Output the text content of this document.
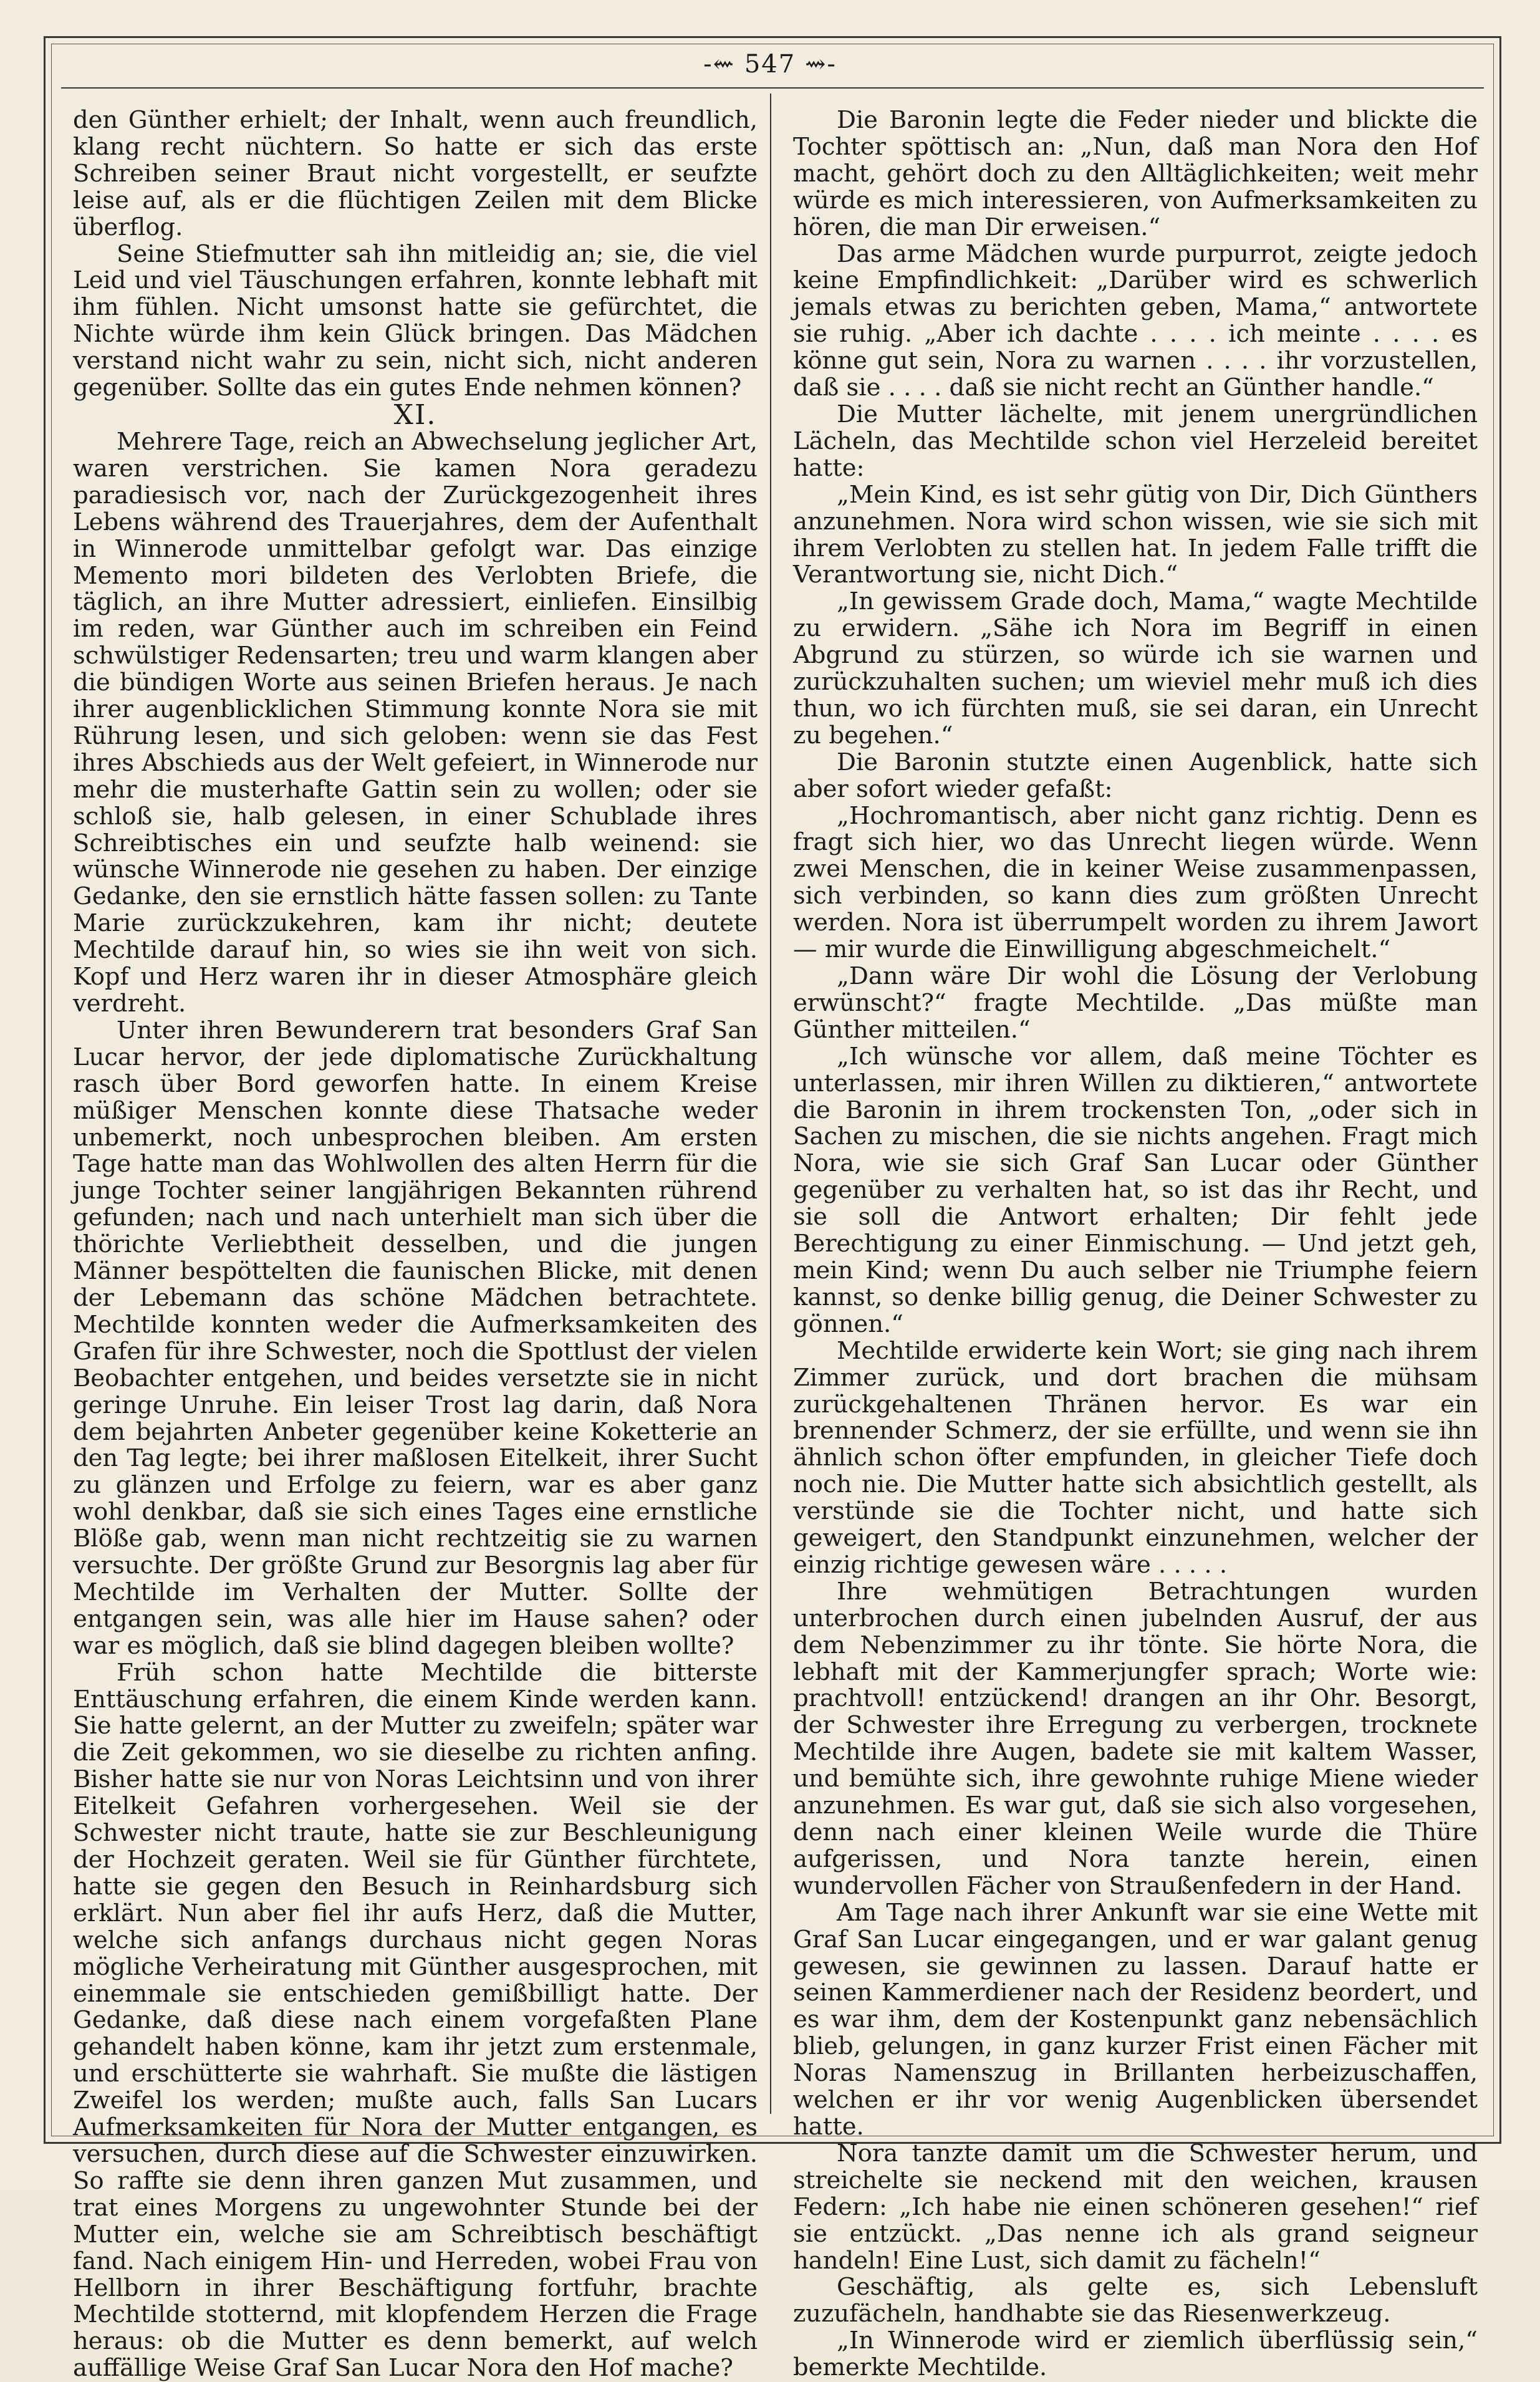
-⇜ 547 ⇝-

den Günther erhielt; der Inhalt, wenn auch freundlich, klang recht nüchtern. So hatte er sich das erste Schreiben seiner Braut nicht vorgestellt, er seufzte leise auf, als er die flüchtigen Zeilen mit dem Blicke überflog.

Seine Stiefmutter sah ihn mitleidig an; sie, die viel Leid und viel Täuschungen erfahren, konnte lebhaft mit ihm fühlen. Nicht umsonst hatte sie gefürchtet, die Nichte würde ihm kein Glück bringen. Das Mädchen verstand nicht wahr zu sein, nicht sich, nicht anderen gegenüber. Sollte das ein gutes Ende nehmen können?

XI.

Mehrere Tage, reich an Abwechselung jeglicher Art, waren verstrichen. Sie kamen Nora geradezu paradiesisch vor, nach der Zurückgezogenheit ihres Lebens während des Trauerjahres, dem der Aufenthalt in Winnerode unmittelbar gefolgt war. Das einzige Memento mori bildeten des Verlobten Briefe, die täglich, an ihre Mutter adressiert, einliefen. Einsilbig im reden, war Günther auch im schreiben ein Feind schwülstiger Redensarten; treu und warm klangen aber die bündigen Worte aus seinen Briefen heraus. Je nach ihrer augenblicklichen Stimmung konnte Nora sie mit Rührung lesen, und sich geloben: wenn sie das Fest ihres Abschieds aus der Welt gefeiert, in Winnerode nur mehr die musterhafte Gattin sein zu wollen; oder sie schloß sie, halb gelesen, in einer Schublade ihres Schreibtisches ein und seufzte halb weinend: sie wünsche Winnerode nie gesehen zu haben. Der einzige Gedanke, den sie ernstlich hätte fassen sollen: zu Tante Marie zurückzukehren, kam ihr nicht; deutete Mechtilde darauf hin, so wies sie ihn weit von sich. Kopf und Herz waren ihr in dieser Atmosphäre gleich verdreht.

Unter ihren Bewunderern trat besonders Graf San Lucar hervor, der jede diplomatische Zurückhaltung rasch über Bord geworfen hatte. In einem Kreise müßiger Menschen konnte diese Thatsache weder unbemerkt, noch unbesprochen bleiben. Am ersten Tage hatte man das Wohlwollen des alten Herrn für die junge Tochter seiner langjährigen Bekannten rührend gefunden; nach und nach unterhielt man sich über die thörichte Verliebtheit desselben, und die jungen Männer bespöttelten die faunischen Blicke, mit denen der Lebemann das schöne Mädchen betrachtete. Mechtilde konnten weder die Aufmerksamkeiten des Grafen für ihre Schwester, noch die Spottlust der vielen Beobachter entgehen, und beides versetzte sie in nicht geringe Unruhe. Ein leiser Trost lag darin, daß Nora dem bejahrten Anbeter gegenüber keine Koketterie an den Tag legte; bei ihrer maßlosen Eitelkeit, ihrer Sucht zu glänzen und Erfolge zu feiern, war es aber ganz wohl denkbar, daß sie sich eines Tages eine ernstliche Blöße gab, wenn man nicht rechtzeitig sie zu warnen versuchte. Der größte Grund zur Besorgnis lag aber für Mechtilde im Verhalten der Mutter. Sollte der entgangen sein, was alle hier im Hause sahen? oder war es möglich, daß sie blind dagegen bleiben wollte?

Früh schon hatte Mechtilde die bitterste Enttäuschung erfahren, die einem Kinde werden kann. Sie hatte gelernt, an der Mutter zu zweifeln; später war die Zeit gekommen, wo sie dieselbe zu richten anfing. Bisher hatte sie nur von Noras Leichtsinn und von ihrer Eitelkeit Gefahren vorhergesehen. Weil sie der Schwester nicht traute, hatte sie zur Beschleunigung der Hochzeit geraten. Weil sie für Günther fürchtete, hatte sie gegen den Besuch in Reinhardsburg sich erklärt. Nun aber fiel ihr aufs Herz, daß die Mutter, welche sich anfangs durchaus nicht gegen Noras mögliche Verheiratung mit Günther ausgesprochen, mit einemmale sie entschieden gemißbilligt hatte. Der Gedanke, daß diese nach einem vorgefaßten Plane gehandelt haben könne, kam ihr jetzt zum erstenmale, und erschütterte sie wahrhaft. Sie mußte die lästigen Zweifel los werden; mußte auch, falls San Lucars Aufmerksamkeiten für Nora der Mutter entgangen, es versuchen, durch diese auf die Schwester einzuwirken. So raffte sie denn ihren ganzen Mut zusammen, und trat eines Morgens zu ungewohnter Stunde bei der Mutter ein, welche sie am Schreibtisch beschäftigt fand. Nach einigem Hin- und Herreden, wobei Frau von Hellborn in ihrer Beschäftigung fortfuhr, brachte Mechtilde stotternd, mit klopfendem Herzen die Frage heraus: ob die Mutter es denn bemerkt, auf welch auffällige Weise Graf San Lucar Nora den Hof mache?

Die Baronin legte die Feder nieder und blickte die Tochter spöttisch an: „Nun, daß man Nora den Hof macht, gehört doch zu den Alltäglichkeiten; weit mehr würde es mich interessieren, von Aufmerksamkeiten zu hören, die man Dir erweisen.“

Das arme Mädchen wurde purpurrot, zeigte jedoch keine Empfindlichkeit: „Darüber wird es schwerlich jemals etwas zu berichten geben, Mama,“ antwortete sie ruhig. „Aber ich dachte . . . . ich meinte . . . . es könne gut sein, Nora zu warnen . . . . ihr vorzustellen, daß sie . . . . daß sie nicht recht an Günther handle.“

Die Mutter lächelte, mit jenem unergründlichen Lächeln, das Mechtilde schon viel Herzeleid bereitet hatte:

„Mein Kind, es ist sehr gütig von Dir, Dich Günthers anzunehmen. Nora wird schon wissen, wie sie sich mit ihrem Verlobten zu stellen hat. In jedem Falle trifft die Verantwortung sie, nicht Dich.“

„In gewissem Grade doch, Mama,“ wagte Mechtilde zu erwidern. „Sähe ich Nora im Begriff in einen Abgrund zu stürzen, so würde ich sie warnen und zurückzuhalten suchen; um wieviel mehr muß ich dies thun, wo ich fürchten muß, sie sei daran, ein Unrecht zu begehen.“

Die Baronin stutzte einen Augenblick, hatte sich aber sofort wieder gefaßt:

„Hochromantisch, aber nicht ganz richtig. Denn es fragt sich hier, wo das Unrecht liegen würde. Wenn zwei Menschen, die in keiner Weise zusammenpassen, sich verbinden, so kann dies zum größten Unrecht werden. Nora ist überrumpelt worden zu ihrem Jawort — mir wurde die Einwilligung abgeschmeichelt.“

„Dann wäre Dir wohl die Lösung der Verlobung erwünscht?“ fragte Mechtilde. „Das müßte man Günther mitteilen.“

„Ich wünsche vor allem, daß meine Töchter es unterlassen, mir ihren Willen zu diktieren,“ antwortete die Baronin in ihrem trockensten Ton, „oder sich in Sachen zu mischen, die sie nichts angehen. Fragt mich Nora, wie sie sich Graf San Lucar oder Günther gegenüber zu verhalten hat, so ist das ihr Recht, und sie soll die Antwort erhalten; Dir fehlt jede Berechtigung zu einer Einmischung. — Und jetzt geh, mein Kind; wenn Du auch selber nie Triumphe feiern kannst, so denke billig genug, die Deiner Schwester zu gönnen.“

Mechtilde erwiderte kein Wort; sie ging nach ihrem Zimmer zurück, und dort brachen die mühsam zurückgehaltenen Thränen hervor. Es war ein brennender Schmerz, der sie erfüllte, und wenn sie ihn ähnlich schon öfter empfunden, in gleicher Tiefe doch noch nie. Die Mutter hatte sich absichtlich gestellt, als verstünde sie die Tochter nicht, und hatte sich geweigert, den Standpunkt einzunehmen, welcher der einzig richtige gewesen wäre . . . . .

Ihre wehmütigen Betrachtungen wurden unterbrochen durch einen jubelnden Ausruf, der aus dem Nebenzimmer zu ihr tönte. Sie hörte Nora, die lebhaft mit der Kammerjungfer sprach; Worte wie: prachtvoll! entzückend! drangen an ihr Ohr. Besorgt, der Schwester ihre Erregung zu verbergen, trocknete Mechtilde ihre Augen, badete sie mit kaltem Wasser, und bemühte sich, ihre gewohnte ruhige Miene wieder anzunehmen. Es war gut, daß sie sich also vorgesehen, denn nach einer kleinen Weile wurde die Thüre aufgerissen, und Nora tanzte herein, einen wundervollen Fächer von Straußenfedern in der Hand.

Am Tage nach ihrer Ankunft war sie eine Wette mit Graf San Lucar eingegangen, und er war galant genug gewesen, sie gewinnen zu lassen. Darauf hatte er seinen Kammerdiener nach der Residenz beordert, und es war ihm, dem der Kostenpunkt ganz nebensächlich blieb, gelungen, in ganz kurzer Frist einen Fächer mit Noras Namenszug in Brillanten herbeizuschaffen, welchen er ihr vor wenig Augenblicken übersendet hatte.

Nora tanzte damit um die Schwester herum, und streichelte sie neckend mit den weichen, krausen Federn: „Ich habe nie einen schöneren gesehen!“ rief sie entzückt. „Das nenne ich als grand seigneur handeln! Eine Lust, sich damit zu fächeln!“

Geschäftig, als gelte es, sich Lebensluft zuzufächeln, handhabte sie das Riesenwerkzeug.

„In Winnerode wird er ziemlich überflüssig sein,“ bemerkte Mechtilde.
